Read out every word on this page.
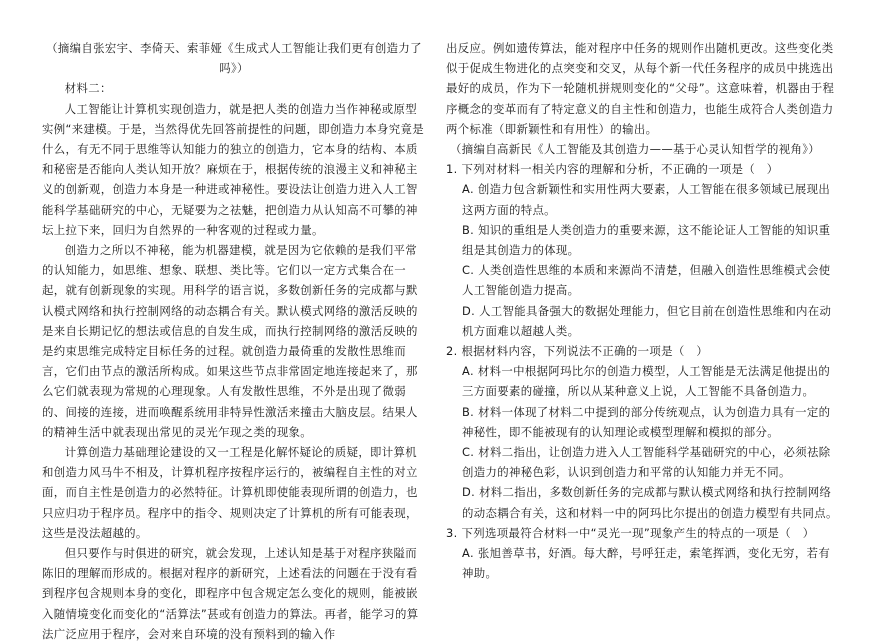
（摘编自张宏宇、李倚天、索菲娅《生成式人工智能让我们更有创造力了吗》）

材料二：

人工智能让计算机实现创造力，就是把人类的创造力当作神秘或原型实例“来建模。于是，当然得优先回答前提性的问题，即创造力本身究竟是什么，有无不同于思维等认知能力的独立的创造力，它本身的结构、本质和秘密是否能向人类认知开放？麻烦在于，根据传统的浪漫主义和神秘主义的创新观，创造力本身是一种进或神秘性。要设法让创造力进入人工智能科学基础研究的中心，无疑要为之祛魅，把创造力从认知高不可攀的神坛上拉下来，回归为自然界的一种客观的过程或力量。

创造力之所以不神秘，能为机器建模，就是因为它依赖的是我们平常的认知能力，如思维、想象、联想、类比等。它们以一定方式集合在一起，就有创新现象的实现。用科学的语言说，多数创新任务的完成都与默认模式网络和执行控制网络的动态耦合有关。默认模式网络的激活反映的是来自长期记忆的想法或信息的自发生成，而执行控制网络的激活反映的是约束思维完成特定目标任务的过程。就创造力最倚重的发散性思维而言，它们由节点的激活所构成。如果这些节点非常固定地连接起来了，那么它们就表现为常规的心理现象。人有发散性思维，不外是出现了微弱的、间接的连接，进而唤醒系统用非特异性激活来撞击大脑皮层。结果人的精神生活中就表现出常见的灵光乍现之类的现象。

计算创造力基础理论建设的又一工程是化解怀疑论的质疑，即计算机和创造力风马牛不相及，计算机程序按程序运行的，被编程自主性的对立面，而自主性是创造力的必然特征。计算机即使能表现所谓的创造力，也只应归功于程序员。程序中的指令、规则决定了计算机的所有可能表现，这些是没法超越的。

但只要作与时俱进的研究，就会发现，上述认知是基于对程序狭隘而陈旧的理解而形成的。根据对程序的新研究，上述看法的问题在于没有看到程序包含规则本身的变化，即程序中包含规定怎么变化的规则，能被嵌入随情境变化而变化的“活算法”甚或有创造力的算法。再者，能学习的算法广泛应用于程序，会对来自环境的没有预料到的输入作

出反应。例如遗传算法，能对程序中任务的规则作出随机更改。这些变化类似于促成生物进化的点突变和交叉，从每个新一代任务程序的成员中挑选出最好的成员，作为下一轮随机拼规则变化的“父母”。这意味着，机器由于程序概念的变革而有了特定意义的自主性和创造力，也能生成符合人类创造力两个标准（即新颖性和有用性）的输出。

（摘编自高新民《人工智能及其创造力——基于心灵认知哲学的视角》）

1. 下列对材料一相关内容的理解和分析，不正确的一项是（　）

A. 创造力包含新颖性和实用性两大要素，人工智能在很多领域已展现出这两方面的特点。

B. 知识的重组是人类创造力的重要来源，这不能论证人工智能的知识重组是其创造力的体现。

C. 人类创造性思维的本质和来源尚不清楚，但融入创造性思维模式会使人工智能创造力提高。

D. 人工智能具备强大的数据处理能力，但它目前在创造性思维和内在动机方面难以超越人类。

2. 根据材料内容，下列说法不正确的一项是（　）

A. 材料一中根据阿玛比尔的创造力模型，人工智能是无法满足他提出的三方面要素的碰撞，所以从某种意义上说，人工智能不具备创造力。

B. 材料一体现了材料二中提到的部分传统观点，认为创造力具有一定的神秘性，即不能被现有的认知理论或模型理解和模拟的部分。

C. 材料二指出，让创造力进入人工智能科学基础研究的中心，必须祛除创造力的神秘色彩，认识到创造力和平常的认知能力并无不同。

D. 材料二指出，多数创新任务的完成都与默认模式网络和执行控制网络的动态耦合有关，这和材料一中的阿玛比尔提出的创造力模型有共同点。

3. 下列选项最符合材料一中“灵光一现”现象产生的特点的一项是（　）

A. 张旭善草书，好酒。每大醉，号呼狂走，索笔挥洒，变化无穷，若有神助。
